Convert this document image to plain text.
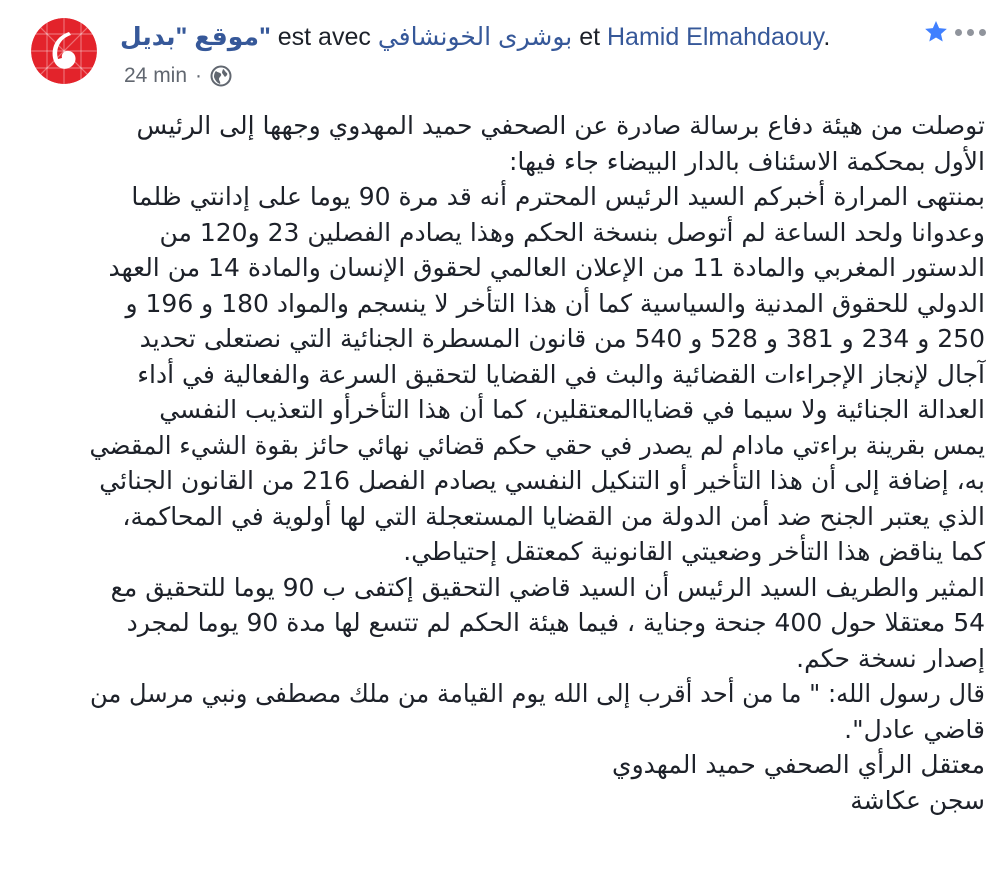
موقع "بديل" est avec بوشرى الخونشافي et Hamid Elmahdaouy.
24 min ·
توصلت من هيئة دفاع برسالة صادرة عن الصحفي حميد المهدوي وجهها إلى الرئيس
الأول بمحكمة الاسئناف بالدار البيضاء جاء فيها:
بمنتهى المرارة أخبركم السيد الرئيس المحترم أنه قد مرة 90 يوما على إدانتي ظلما
وعدوانا ولحد الساعة لم أتوصل بنسخة الحكم وهذا يصادم الفصلين 23 و120 من
الدستور المغربي والمادة 11 من الإعلان العالمي لحقوق الإنسان والمادة 14 من العهد
الدولي للحقوق المدنية والسياسية كما أن هذا التأخر لا ينسجم والمواد 180 و 196 و
250 و 234 و 381 و 528 و 540 من قانون المسطرة الجنائية التي نصتعلى تحديد
آجال لإنجاز الإجراءات القضائية والبث في القضايا لتحقيق السرعة والفعالية في أداء
العدالة الجنائية ولا سيما في قضاياالمعتقلين، كما أن هذا التأخرأو التعذيب النفسي
يمس بقرينة براءتي مادام لم يصدر في حقي حكم قضائي نهائي حائز بقوة الشيء المقضي
به، إضافة إلى أن هذا التأخير أو التنكيل النفسي يصادم الفصل 216 من القانون الجنائي
الذي يعتبر الجنح ضد أمن الدولة من القضايا المستعجلة التي لها أولوية في المحاكمة،
كما يناقض هذا التأخر وضعيتي القانونية كمعتقل إحتياطي.
المثير والطريف السيد الرئيس أن السيد قاضي التحقيق إكتفى ب 90 يوما للتحقيق مع
54 معتقلا حول 400 جنحة وجناية ، فيما هيئة الحكم لم تتسع لها مدة 90 يوما لمجرد
إصدار نسخة حكم.
قال رسول الله: " ما من أحد أقرب إلى الله يوم القيامة من ملك مصطفى ونبي مرسل من
قاضي عادل".
معتقل الرأي الصحفي حميد المهدوي
سجن عكاشة
